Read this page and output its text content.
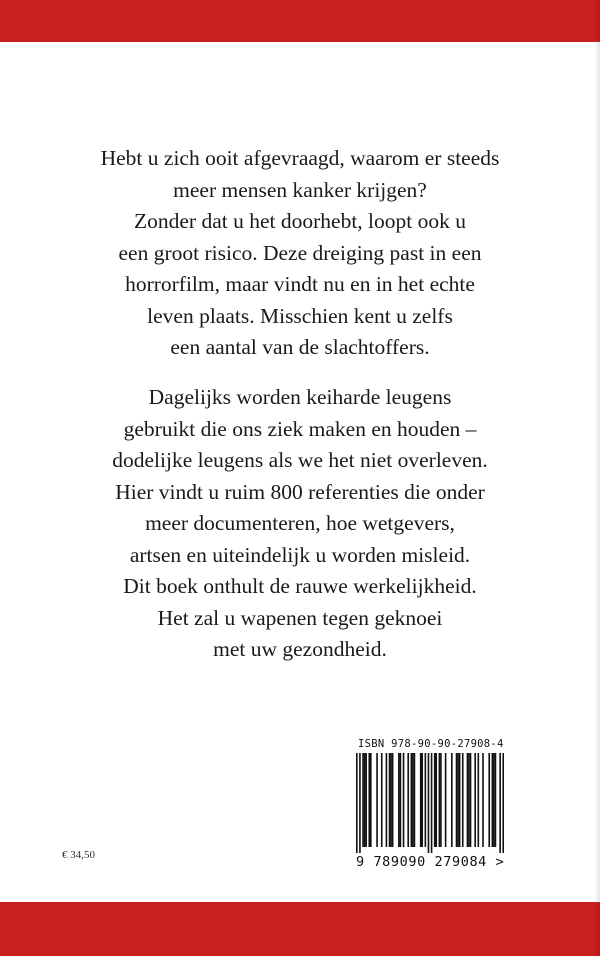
Hebt u zich ooit afgevraagd, waarom er steeds
meer mensen kanker krijgen?
Zonder dat u het doorhebt, loopt ook u
een groot risico. Deze dreiging past in een
horrorfilm, maar vindt nu en in het echte
leven plaats. Misschien kent u zelfs
een aantal van de slachtoffers.

Dagelijks worden keiharde leugens
gebruikt die ons ziek maken en houden –
dodelijke leugens als we het niet overleven.
Hier vindt u ruim 800 referenties die onder
meer documenteren, hoe wetgevers,
artsen en uiteindelijk u worden misleid.
Dit boek onthult de rauwe werkelijkheid.
Het zal u wapenen tegen geknoei
met uw gezondheid.

€ 34,50
ISBN 978-90-90-27908-4
9 789090 279084 >
